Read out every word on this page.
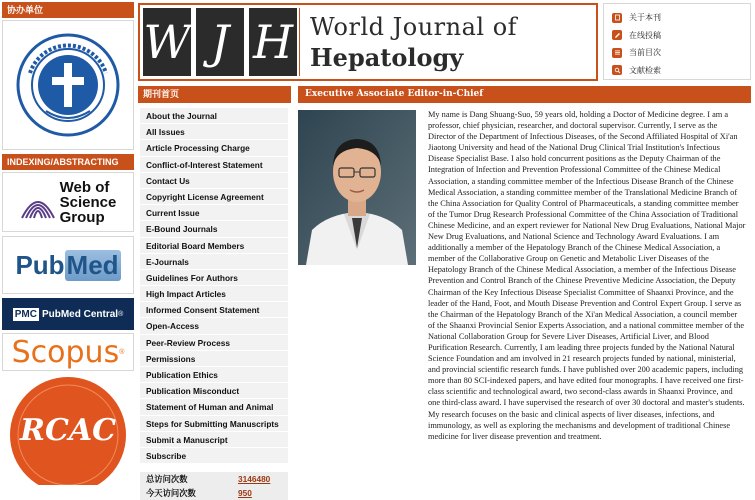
协办单位
INDEXING/ABSTRACTING
Web of
Science
Group
Pub Med
PMC PubMed Central ®
Scopus ®
RCAC
W J H World Journal of
Hepatology
关于本刊
在线投稿
当前目次
文献检索
期刊首页
About the Journal
All Issues
Article Processing Charge
Conflict-of-Interest Statement
Contact Us
Copyright License Agreement
Current Issue
E-Bound Journals
Editorial Board Members
E-Journals
Guidelines For Authors
High Impact Articles
Informed Consent Statement
Open-Access
Peer-Review Process
Permissions
Publication Ethics
Publication Misconduct
Statement of Human and Animal
Steps for Submitting Manuscripts
Submit a Manuscript
Subscribe
总访问次数	3146480
今天访问次数	950
Executive Associate Editor-in-Chief
My name is Dang Shuang-Suo, 59 years old, holding a Doctor of Medicine degree. I am a professor, chief physician, researcher, and doctoral supervisor. Currently, I serve as the Director of the Department of Infectious Diseases, of the Second Affiliated Hospital of Xi'an Jiaotong University and head of the National Drug Clinical Trial Institution's Infectious Disease Specialist Base. I also hold concurrent positions as the Deputy Chairman of the Integration of Infection and Prevention Professional Committee of the Chinese Medical Association, a standing committee member of the Infectious Disease Branch of the Chinese Medical Association, a standing committee member of the Translational Medicine Branch of the China Association for Quality Control of Pharmaceuticals, a standing committee member of the Tumor Drug Research Professional Committee of the China Association of Traditional Chinese Medicine, and an expert reviewer for National New Drug Evaluations, National Major New Drug Evaluations, and National Science and Technology Award Evaluations. I am additionally a member of the Hepatology Branch of the Chinese Medical Association, a member of the Collaborative Group on Genetic and Metabolic Liver Diseases of the Hepatology Branch of the Chinese Medical Association, a member of the Infectious Disease Prevention and Control Branch of the Chinese Preventive Medicine Association, the Deputy Chairman of the Key Infectious Disease Specialist Committee of Shaanxi Province, and the leader of the Hand, Foot, and Mouth Disease Prevention and Control Expert Group. I serve as the Chairman of the Hepatology Branch of the Xi'an Medical Association, a council member of the Shaanxi Provincial Senior Experts Association, and a national committee member of the National Collaboration Group for Severe Liver Diseases, Artificial Liver, and Blood Purification Research. Currently, I am leading three projects funded by the National Natural Science Foundation and am involved in 21 research projects funded by national, ministerial, and provincial scientific research funds. I have published over 200 academic papers, including more than 80 SCI-indexed papers, and have edited four monographs. I have received one first-class scientific and technological award, two second-class awards in Shaanxi Province, and one third-class award. I have supervised the research of over 30 doctoral and master's students. My research focuses on the basic and clinical aspects of liver diseases, infections, and immunology, as well as exploring the mechanisms and development of traditional Chinese medicine for liver disease prevention and treatment.
